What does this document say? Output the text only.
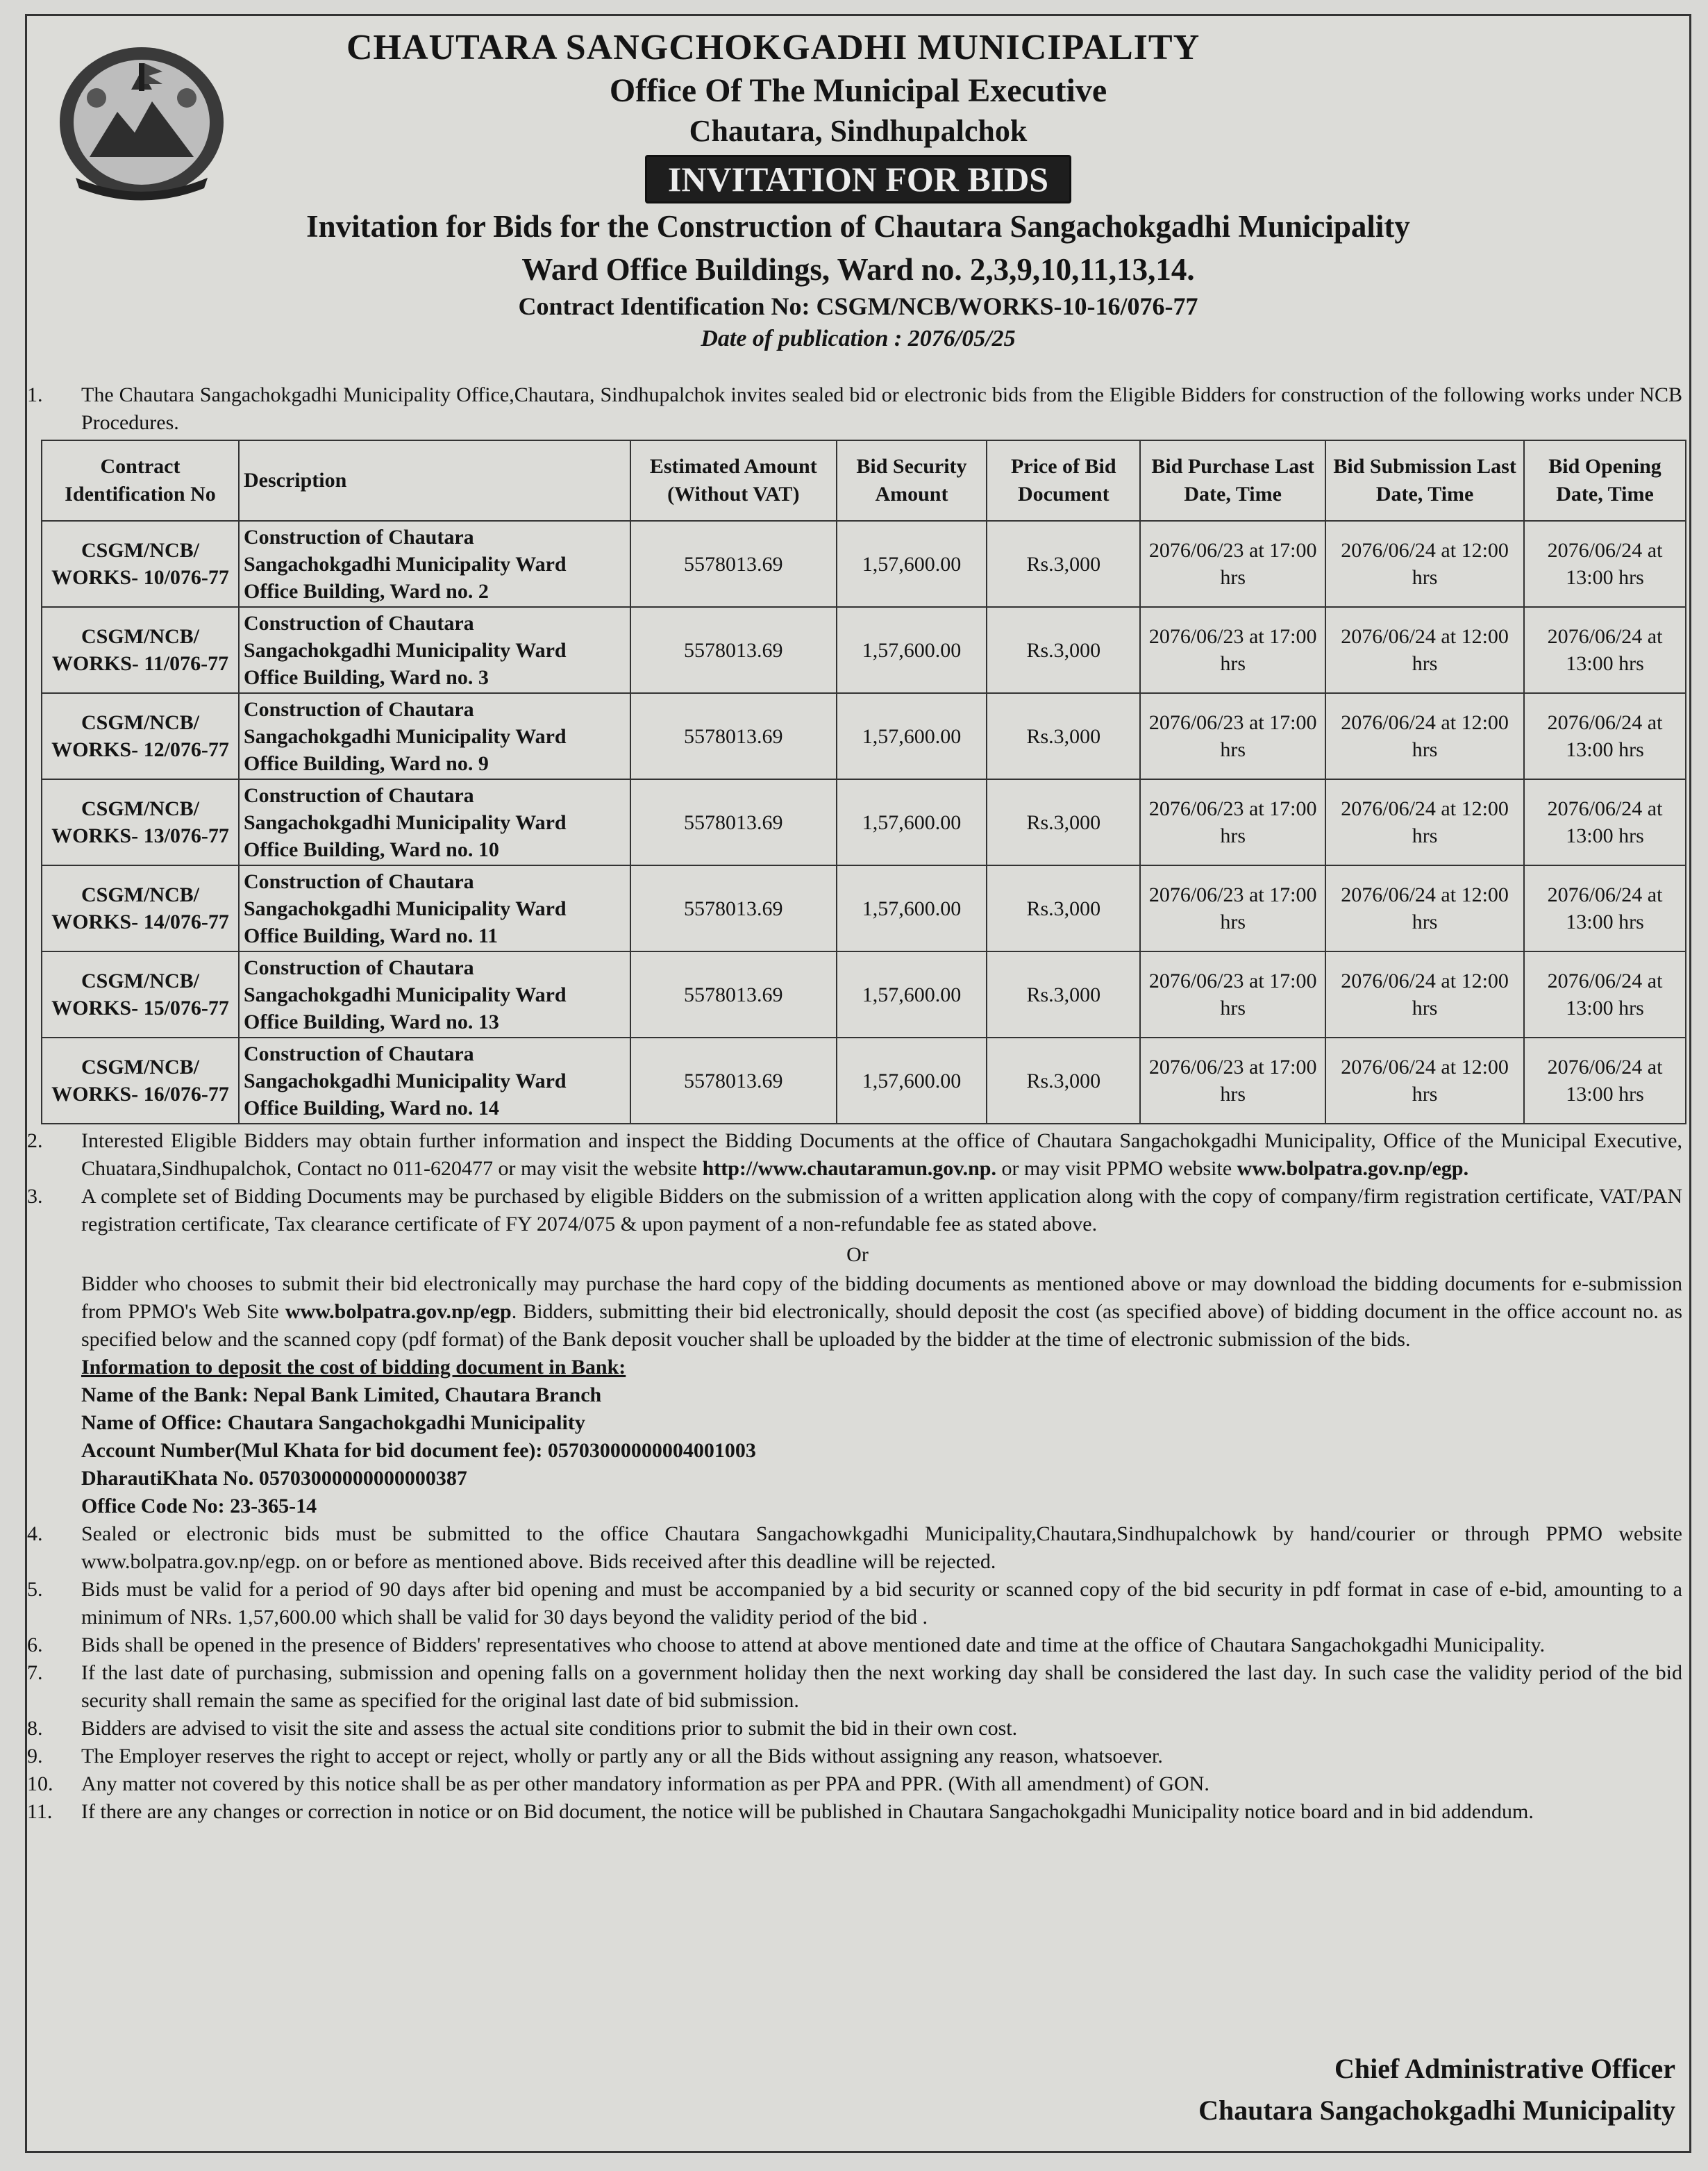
CHAUTARA SANGCHOKGADHI MUNICIPALITY
Office Of The Municipal Executive
Chautara, Sindhupalchok
INVITATION FOR BIDS
Invitation for Bids for the Construction of Chautara Sangachokgadhi Municipality
Ward Office Buildings, Ward no. 2,3,9,10,11,13,14.
Contract Identification No: CSGM/NCB/WORKS-10-16/076-77
Date of publication : 2076/05/25
1.	The Chautara Sangachokgadhi Municipality Office,Chautara, Sindhupalchok invites sealed bid or electronic bids from the Eligible Bidders for construction of the following works under NCB Procedures.
Contract Identification No	Description	Estimated Amount (Without VAT)	Bid Security Amount	Price of Bid Document	Bid Purchase Last Date, Time	Bid Submission Last Date, Time	Bid Opening Date, Time
CSGM/NCB/ WORKS- 10/076-77	Construction of Chautara Sangachokgadhi Municipality Ward Office Building, Ward no. 2	5578013.69	1,57,600.00	Rs.3,000	2076/06/23 at 17:00 hrs	2076/06/24 at 12:00 hrs	2076/06/24 at 13:00 hrs
CSGM/NCB/ WORKS- 11/076-77	Construction of Chautara Sangachokgadhi Municipality Ward Office Building, Ward no. 3	5578013.69	1,57,600.00	Rs.3,000	2076/06/23 at 17:00 hrs	2076/06/24 at 12:00 hrs	2076/06/24 at 13:00 hrs
CSGM/NCB/ WORKS- 12/076-77	Construction of Chautara Sangachokgadhi Municipality Ward Office Building, Ward no. 9	5578013.69	1,57,600.00	Rs.3,000	2076/06/23 at 17:00 hrs	2076/06/24 at 12:00 hrs	2076/06/24 at 13:00 hrs
CSGM/NCB/ WORKS- 13/076-77	Construction of Chautara Sangachokgadhi Municipality Ward Office Building, Ward no. 10	5578013.69	1,57,600.00	Rs.3,000	2076/06/23 at 17:00 hrs	2076/06/24 at 12:00 hrs	2076/06/24 at 13:00 hrs
CSGM/NCB/ WORKS- 14/076-77	Construction of Chautara Sangachokgadhi Municipality Ward Office Building, Ward no. 11	5578013.69	1,57,600.00	Rs.3,000	2076/06/23 at 17:00 hrs	2076/06/24 at 12:00 hrs	2076/06/24 at 13:00 hrs
CSGM/NCB/ WORKS- 15/076-77	Construction of Chautara Sangachokgadhi Municipality Ward Office Building, Ward no. 13	5578013.69	1,57,600.00	Rs.3,000	2076/06/23 at 17:00 hrs	2076/06/24 at 12:00 hrs	2076/06/24 at 13:00 hrs
CSGM/NCB/ WORKS- 16/076-77	Construction of Chautara Sangachokgadhi Municipality Ward Office Building, Ward no. 14	5578013.69	1,57,600.00	Rs.3,000	2076/06/23 at 17:00 hrs	2076/06/24 at 12:00 hrs	2076/06/24 at 13:00 hrs
2.	Interested Eligible Bidders may obtain further information and inspect the Bidding Documents at the office of Chautara Sangachokgadhi Municipality, Office of the Municipal Executive, Chuatara,Sindhupalchok, Contact no 011-620477 or may visit the website http://www.chautaramun.gov.np. or may visit PPMO website www.bolpatra.gov.np/egp.
3.	A complete set of Bidding Documents may be purchased by eligible Bidders on the submission of a written application along with the copy of company/firm registration certificate, VAT/PAN registration certificate, Tax clearance certificate of FY 2074/075 & upon payment of a non-refundable fee as stated above.
Or
Bidder who chooses to submit their bid electronically may purchase the hard copy of the bidding documents as mentioned above or may download the bidding documents for e-submission from PPMO's Web Site www.bolpatra.gov.np/egp. Bidders, submitting their bid electronically, should deposit the cost (as specified above) of bidding document in the office account no. as specified below and the scanned copy (pdf format) of the Bank deposit voucher shall be uploaded by the bidder at the time of electronic submission of the bids.
Information to deposit the cost of bidding document in Bank:
Name of the Bank: Nepal Bank Limited, Chautara Branch
Name of Office: Chautara Sangachokgadhi Municipality
Account Number(Mul Khata for bid document fee): 05703000000004001003
DharautiKhata No. 05703000000000000387
Office Code No: 23-365-14
4.	Sealed or electronic bids must be submitted to the office Chautara Sangachowkgadhi Municipality,Chautara,Sindhupalchowk by hand/courier or through PPMO website www.bolpatra.gov.np/egp. on or before as mentioned above. Bids received after this deadline will be rejected.
5.	Bids must be valid for a period of 90 days after bid opening and must be accompanied by a bid security or scanned copy of the bid security in pdf format in case of e-bid, amounting to a minimum of NRs. 1,57,600.00 which shall be valid for 30 days beyond the validity period of the bid .
6.	Bids shall be opened in the presence of Bidders' representatives who choose to attend at above mentioned date and time at the office of Chautara Sangachokgadhi Municipality.
7.	If the last date of purchasing, submission and opening falls on a government holiday then the next working day shall be considered the last day. In such case the validity period of the bid security shall remain the same as specified for the original last date of bid submission.
8.	Bidders are advised to visit the site and assess the actual site conditions prior to submit the bid in their own cost.
9.	The Employer reserves the right to accept or reject, wholly or partly any or all the Bids without assigning any reason, whatsoever.
10.	Any matter not covered by this notice shall be as per other mandatory information as per PPA and PPR. (With all amendment) of GON.
11.	If there are any changes or correction in notice or on Bid document, the notice will be published in Chautara Sangachokgadhi Municipality notice board and in bid addendum.
Chief Administrative Officer
Chautara Sangachokgadhi Municipality
